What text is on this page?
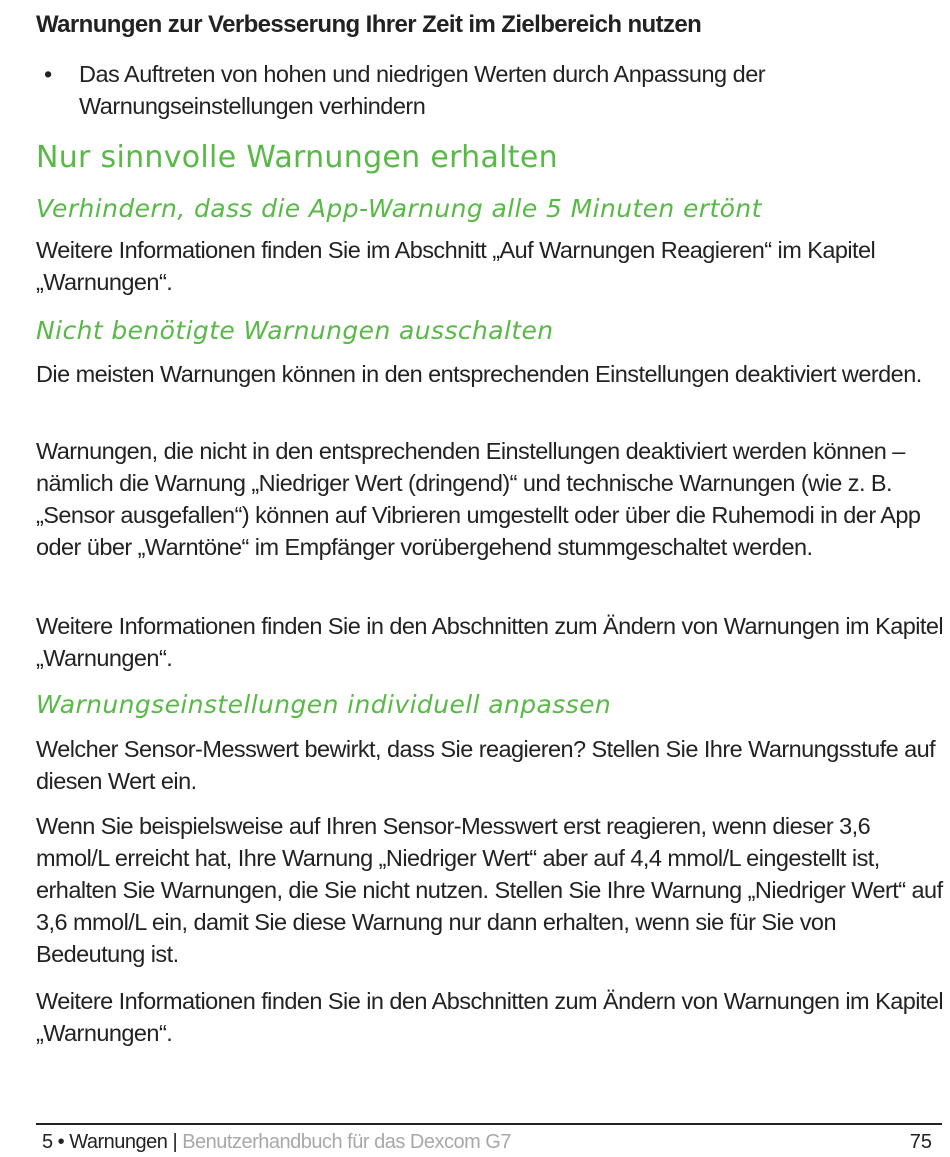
Warnungen zur Verbesserung Ihrer Zeit im Zielbereich nutzen
• Das Auftreten von hohen und niedrigen Werten durch Anpassung der Warnungseinstellungen verhindern
Nur sinnvolle Warnungen erhalten
Verhindern, dass die App-Warnung alle 5 Minuten ertönt

Weitere Informationen finden Sie im Abschnitt „Auf Warnungen Reagieren“ im Kapitel „Warnungen“.

Nicht benötigte Warnungen ausschalten

Die meisten Warnungen können in den entsprechenden Einstellungen deaktiviert werden.

Warnungen, die nicht in den entsprechenden Einstellungen deaktiviert werden können – nämlich die Warnung „Niedriger Wert (dringend)“ und technische Warnungen (wie z. B. „Sensor ausgefallen“) können auf Vibrieren umgestellt oder über die Ruhemodi in der App oder über „Warntöne“ im Empfänger vorübergehend stummgeschaltet werden.

Weitere Informationen finden Sie in den Abschnitten zum Ändern von Warnungen im Kapitel „Warnungen“.

Warnungseinstellungen individuell anpassen

Welcher Sensor-Messwert bewirkt, dass Sie reagieren? Stellen Sie Ihre Warnungsstufe auf diesen Wert ein.

Wenn Sie beispielsweise auf Ihren Sensor-Messwert erst reagieren, wenn dieser 3,6 mmol/L erreicht hat, Ihre Warnung „Niedriger Wert“ aber auf 4,4 mmol/L eingestellt ist, erhalten Sie Warnungen, die Sie nicht nutzen. Stellen Sie Ihre Warnung „Niedriger Wert“ auf 3,6 mmol/L ein, damit Sie diese Warnung nur dann erhalten, wenn sie für Sie von Bedeutung ist.

Weitere Informationen finden Sie in den Abschnitten zum Ändern von Warnungen im Kapitel „Warnungen“.

5 • Warnungen | Benutzerhandbuch für das Dexcom G7	75
